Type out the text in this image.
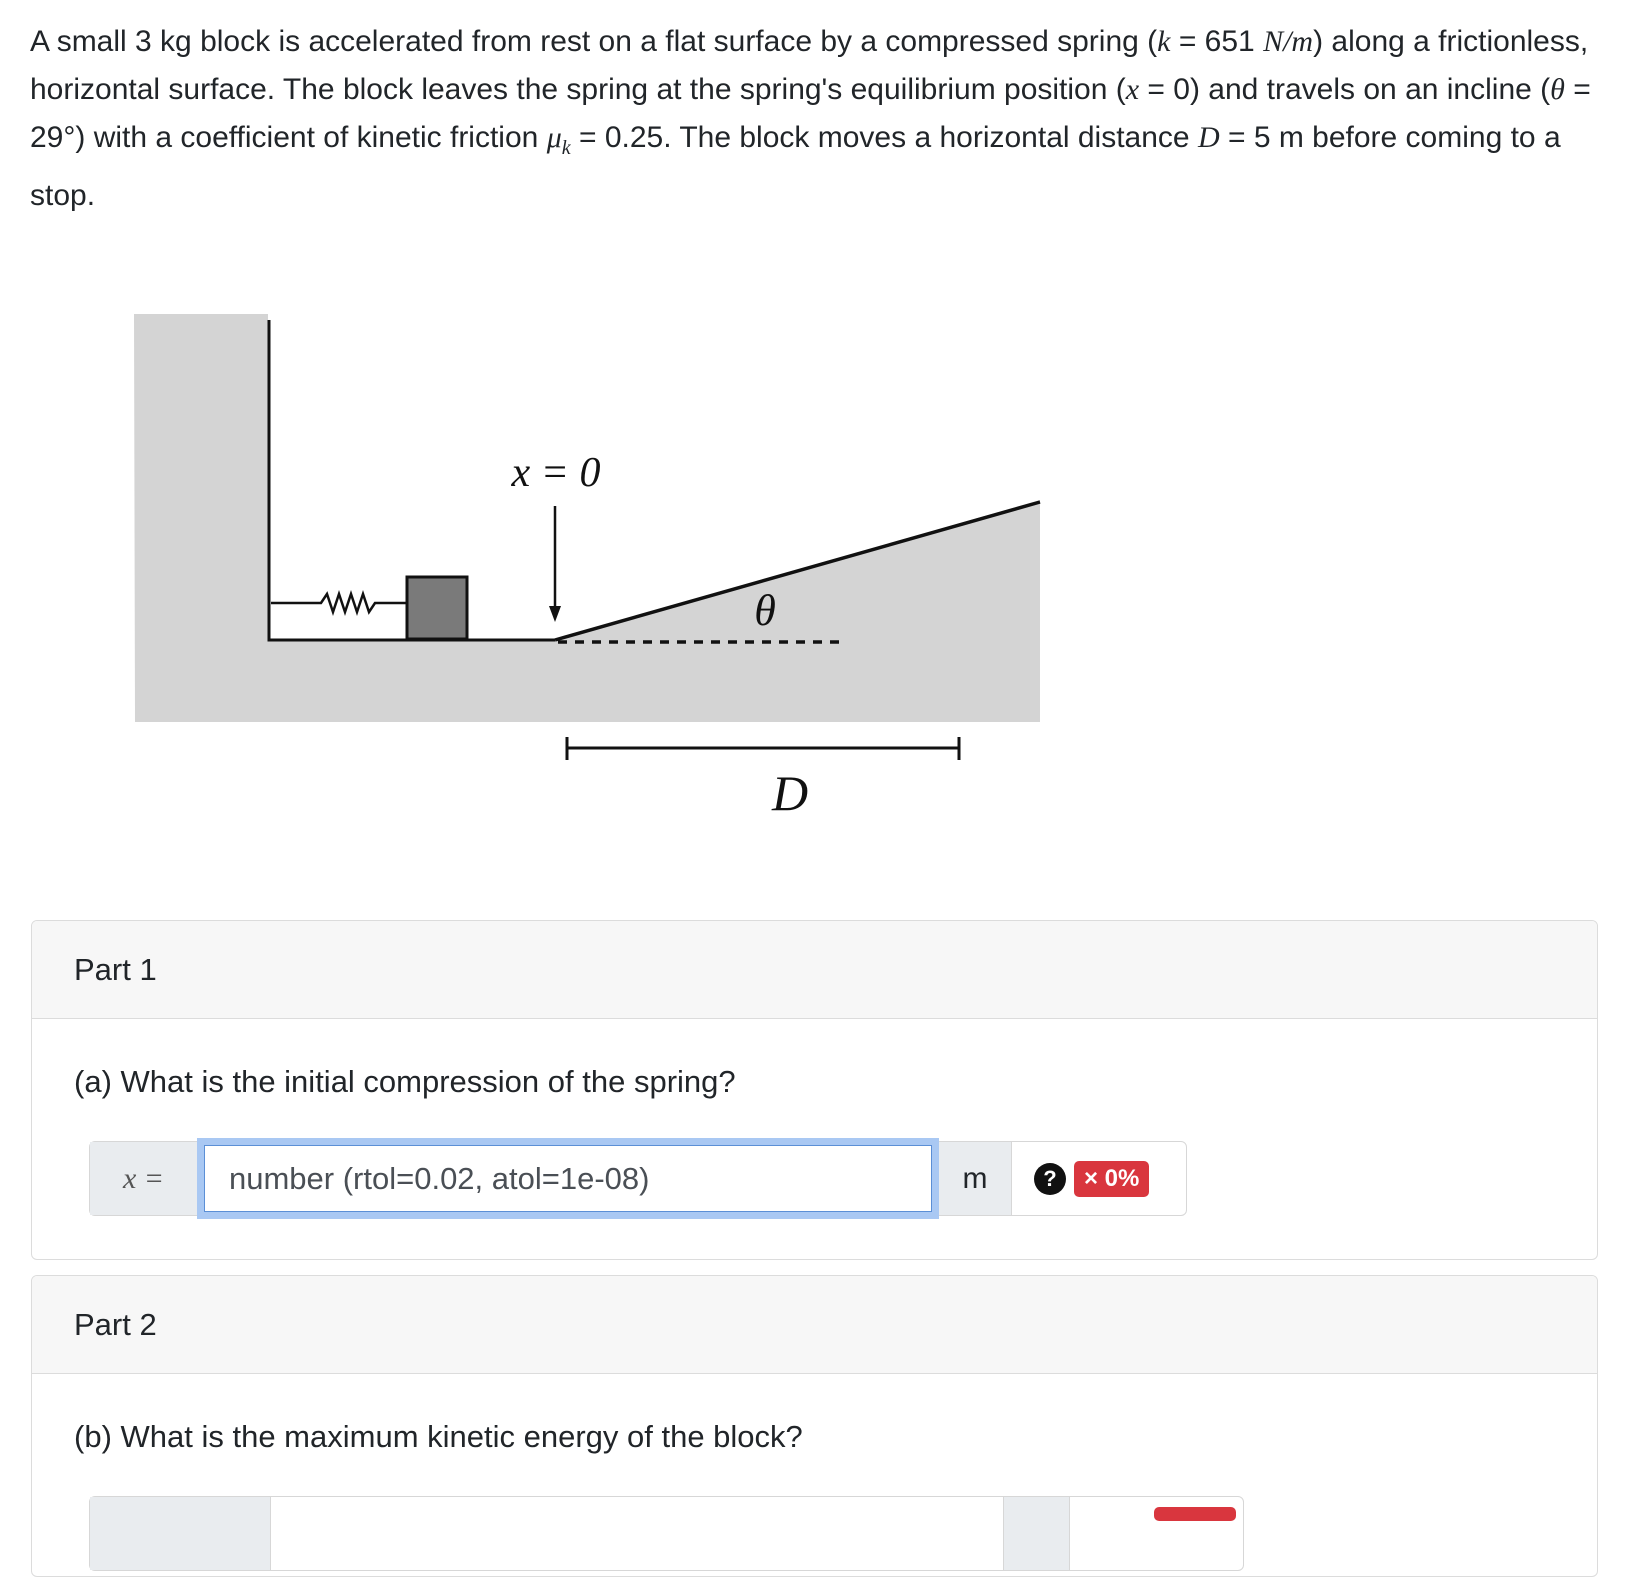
A small 3 kg block is accelerated from rest on a flat surface by a compressed spring (k = 651 N/m) along a frictionless, horizontal surface. The block leaves the spring at the spring's equilibrium position (x = 0) and travels on an incline (θ = 29°) with a coefficient of kinetic friction $\mu_k = 0.25$. The block moves a horizontal distance D = 5 m before coming to a stop.
x = 0
θ
D
Part 1
(a) What is the initial compression of the spring?
x =
number (rtol=0.02, atol=1e-08)	m	?	× 0%
Part 2
(b) What is the maximum kinetic energy of the block?
